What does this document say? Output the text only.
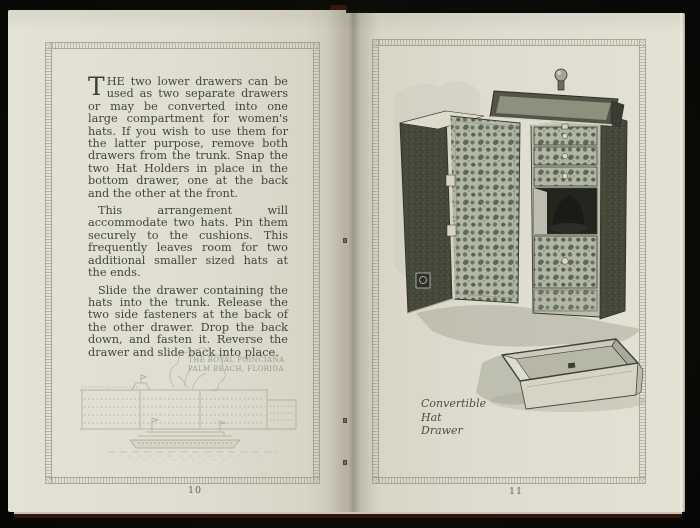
THE two lower drawers can be used as two separate drawers or may be converted into one large compartment for women's hats. If you wish to use them for the latter purpose, remove both drawers from the trunk. Snap the two Hat Holders in place in the bottom drawer, one at the back and the other at the front.

This arrangement will accommodate two hats. Pin them securely to the cushions. This frequently leaves room for two additional smaller sized hats at the ends.

Slide the drawer containing the hats into the trunk. Release the two side fasteners at the back of the other drawer. Drop the back down, and fasten it. Reverse the drawer and slide back into place.

THE ROYAL POINCIANA
PALM BEACH, FLORIDA
10
Convertible
Hat
Drawer
11
